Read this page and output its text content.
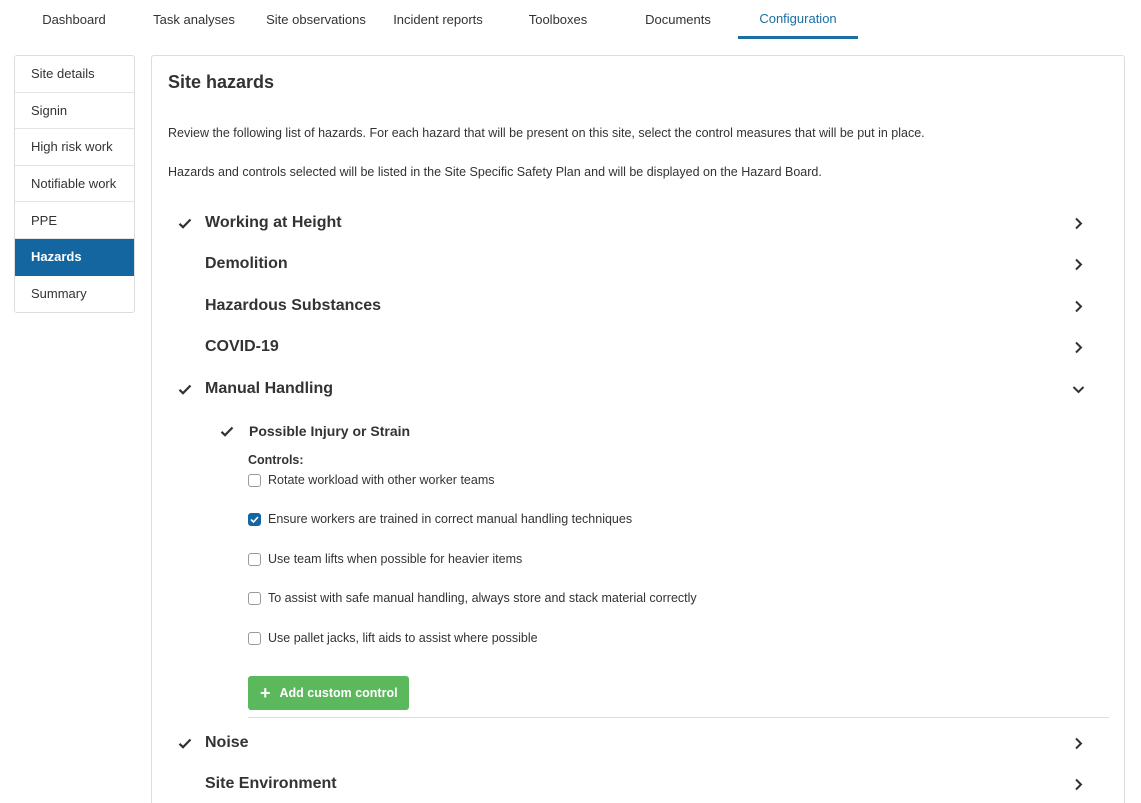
Dashboard	Task analyses	Site observations	Incident reports	Toolboxes	Documents	Configuration
Site details
Signin
High risk work
Notifiable work
PPE
Hazards
Summary
Site hazards
Review the following list of hazards. For each hazard that will be present on this site, select the control measures that will be put in place.
Hazards and controls selected will be listed in the Site Specific Safety Plan and will be displayed on the Hazard Board.
Working at Height
Demolition
Hazardous Substances
COVID-19
Manual Handling
Possible Injury or Strain
Controls:
Rotate workload with other worker teams
Ensure workers are trained in correct manual handling techniques
Use team lifts when possible for heavier items
To assist with safe manual handling, always store and stack material correctly
Use pallet jacks, lift aids to assist where possible
+ Add custom control
Noise
Site Environment
